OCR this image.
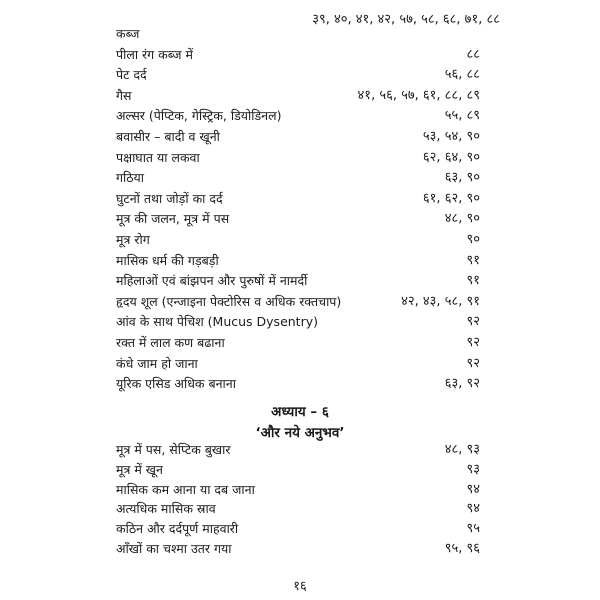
३९, ४०, ४१, ४२, ५७, ५८, ६८, ७१, ८८
कब्ज
पीला रंग कब्ज में	८८
पेट दर्द	५६, ८८
गैस	४१, ५६, ५७, ६१, ८८, ८९
अल्सर (पेप्टिक, गेस्ट्रिक, डियोडिनल)	५५, ८९
बवासीर – बादी व खूनी	५३, ५४, ९०
पक्षाघात या लकवा	६२, ६४, ९०
गठिया	६३, ९०
घुटनों तथा जोड़ों का दर्द	६१, ६२, ९०
मूत्र की जलन, मूत्र में पस	४८, ९०
मूत्र रोग	९०
मासिक धर्म की गड़बड़ी	९१
महिलाओं एवं बांझपन और पुरुषों में नामर्दी	९१
हृदय शूल (एन्जाइना पेक्टोरिस व अधिक रक्तचाप)	४२, ४३, ५८, ९१
आंव के साथ पेचिश (Mucus Dysentry)	९२
रक्त में लाल कण बढाना	९२
कंधे जाम हो जाना	९२
यूरिक एसिड अधिक बनाना	६३, ९२
अध्याय – ६
‘और नये अनुभव’
मूत्र में पस, सेप्टिक बुखार	४८, ९३
मूत्र में खून	९३
मासिक कम आना या दब जाना	९४
अत्यधिक मासिक स्राव	९४
कठिन और दर्दपूर्ण माहवारी	९५
आँखों का चश्मा उतर गया	९५, ९६
१६
